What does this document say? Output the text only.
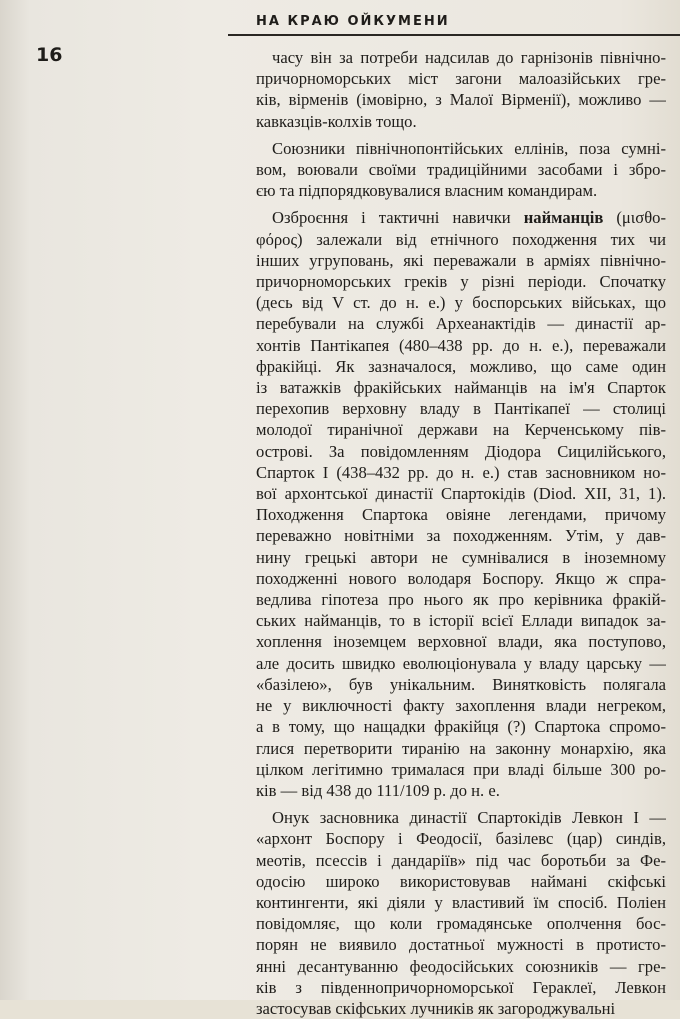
НА КРАЮ ОЙКУМЕНИ
16	часу він за потреби надсилав до гарнізонів північно-
причорноморських міст загони малоазійських гре-
ків, вірменів (імовірно, з Малої Вірменії), можливо —
кавказців-колхів тощо.
Союзники північнопонтійських еллінів, поза сумні-
вом, воювали своїми традиційними засобами і збро-
єю та підпорядковувалися власним командирам.
Озброєння і тактичні навички найманців (μισθο-
φόρος) залежали від етнічного походження тих чи
інших угруповань, які переважали в арміях північно-
причорноморських греків у різні періоди. Спочатку
(десь від V ст. до н. е.) у боспорських військах, що
перебували на службі Археанактідів — династії ар-
хонтів Пантікапея (480–438 рр. до н. е.), переважали
фракійці. Як зазначалося, можливо, що саме один
із ватажків фракійських найманців на ім'я Спарток
перехопив верховну владу в Пантікапеї — столиці
молодої тиранічної держави на Керченському пів-
острові. За повідомленням Діодора Сицилійського,
Спарток І (438–432 рр. до н. е.) став засновником но-
вої архонтської династії Спартокідів (Diod. XII, 31, 1).
Походження Спартока овіяне легендами, причому
переважно новітніми за походженням. Утім, у дав-
нину грецькі автори не сумнівалися в іноземному
походженні нового володаря Боспору. Якщо ж спра-
ведлива гіпотеза про нього як про керівника фракій-
ських найманців, то в історії всієї Еллади випадок за-
хоплення іноземцем верховної влади, яка поступово,
але досить швидко еволюціонувала у владу царську —
«базілею», був унікальним. Винятковість полягала
не у виключності факту захоплення влади негреком,
а в тому, що нащадки фракійця (?) Спартока спромо-
глися перетворити тиранію на законну монархію, яка
цілком легітимно трималася при владі більше 300 ро-
ків — від 438 до 111/109 р. до н. е.
Онук засновника династії Спартокідів Левкон І —
«архонт Боспору і Феодосії, базілевс (цар) синдів,
меотів, псессів і дандаріїв» під час боротьби за Фе-
одосію широко використовував наймані скіфські
контингенти, які діяли у властивий їм спосіб. Поліен
повідомляє, що коли громадянське ополчення бос-
порян не виявило достатньої мужності в протисто-
янні десантуванню феодосійських союзників — гре-
ків з південнопричорноморської Гераклеї, Левкон
застосував скіфських лучників як загороджувальні
